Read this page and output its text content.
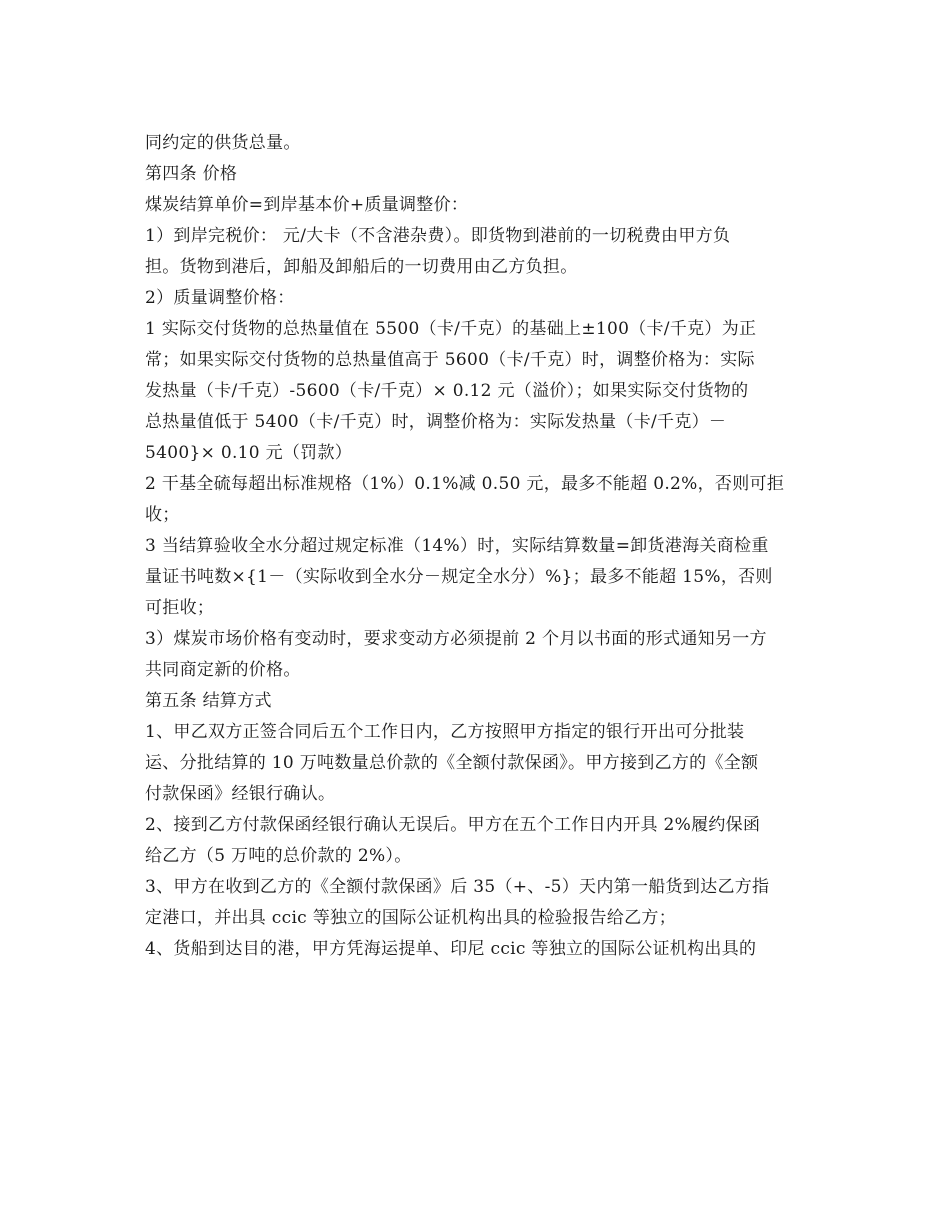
同约定的供货总量。
第四条 价格
煤炭结算单价=到岸基本价+质量调整价：
1）到岸完税价： 元/大卡（不含港杂费）。即货物到港前的一切税费由甲方负
担。货物到港后，卸船及卸船后的一切费用由乙方负担。
2）质量调整价格：
1 实际交付货物的总热量值在 5500（卡/千克）的基础上±100（卡/千克）为正
常；如果实际交付货物的总热量值高于 5600（卡/千克）时，调整价格为：实际
发热量（卡/千克）-5600（卡/千克）× 0.12 元（溢价）；如果实际交付货物的
总热量值低于 5400（卡/千克）时，调整价格为：实际发热量（卡/千克）－
5400}× 0.10 元（罚款）
2 干基全硫每超出标准规格（1%）0.1%减 0.50 元，最多不能超 0.2%，否则可拒
收；
3 当结算验收全水分超过规定标准（14%）时，实际结算数量=卸货港海关商检重
量证书吨数×{1－（实际收到全水分－规定全水分）%}；最多不能超 15%，否则
可拒收；
3）煤炭市场价格有变动时，要求变动方必须提前 2 个月以书面的形式通知另一方
共同商定新的价格。
第五条 结算方式
1、甲乙双方正签合同后五个工作日内，乙方按照甲方指定的银行开出可分批装
运、分批结算的 10 万吨数量总价款的《全额付款保函》。甲方接到乙方的《全额
付款保函》经银行确认。
2、接到乙方付款保函经银行确认无误后。甲方在五个工作日内开具 2%履约保函
给乙方（5 万吨的总价款的 2%）。
3、甲方在收到乙方的《全额付款保函》后 35（+、-5）天内第一船货到达乙方指
定港口，并出具 ccic 等独立的国际公证机构出具的检验报告给乙方；
4、货船到达目的港，甲方凭海运提单、印尼 ccic 等独立的国际公证机构出具的
